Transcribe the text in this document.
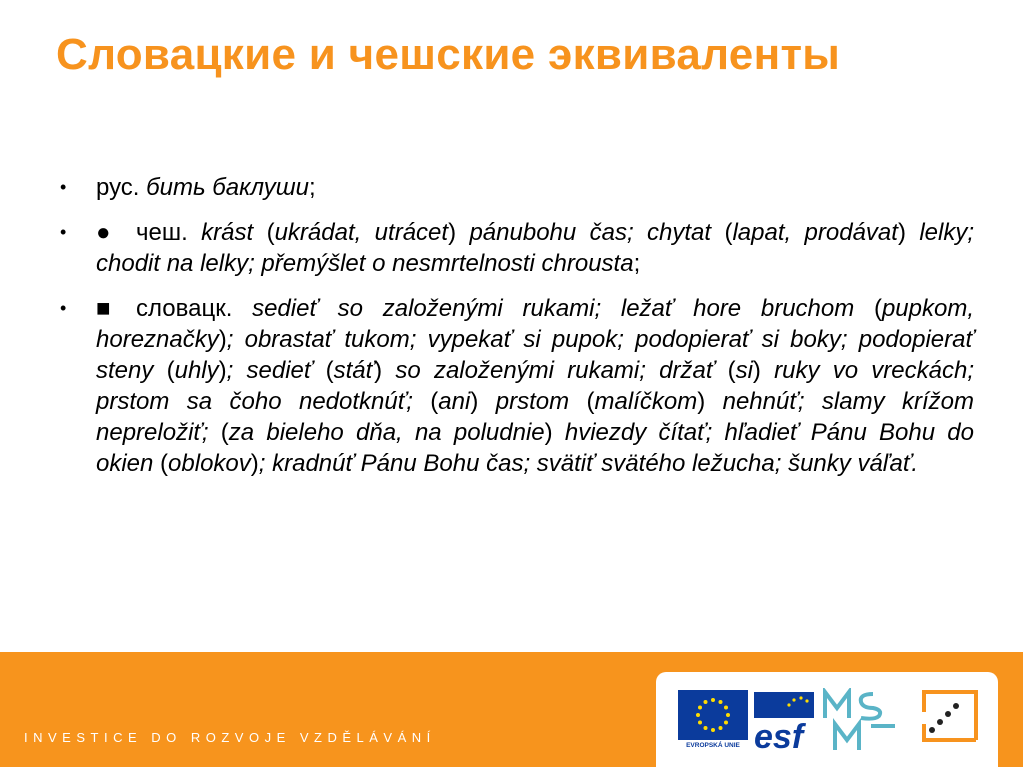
Словацкие и чешские эквиваленты
• рус. бить баклуши;
• ● чеш. krást (ukrádat, utrácet) pánubohu čas; chytat (lapat, prodávat) lelky; chodit na lelky; přemýšlet o nesmrtelnosti chrousta;
• ■ словацк. sedieť so založenými rukami; ležať hore bruchom (pupkom, horeznačky); obrastať tukom; vypekať si pupok; podopierať si boky; podopierať steny (uhly); sedieť (stáť) so založenými rukami; držať (si) ruky vo vreckách; prstom sa čoho nedotknúť; (ani) prstom (malíčkom) nehnúť; slamy krížom nepreložiť; (za bieleho dňa, na poludnie) hviezdy čítať; hľadieť Pánu Bohu do okien (oblokov); kradnúť Pánu Bohu čas; svätiť svätého ležucha; šunky váľať.
INVESTICE DO ROZVOJE VZDĚLÁVÁNÍ
EVROPSKÁ UNIE esf
